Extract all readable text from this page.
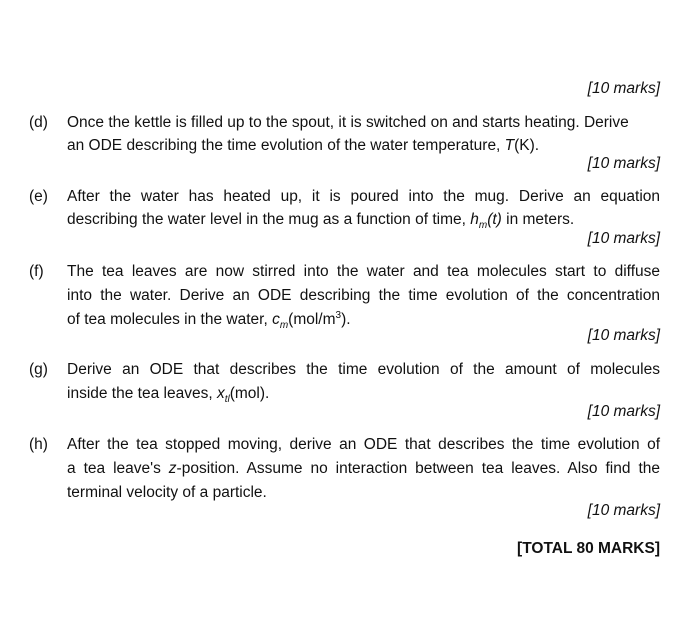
[10 marks]
(d) Once the kettle is filled up to the spout, it is switched on and starts heating. Derive
an ODE describing the time evolution of the water temperature, T(K).
[10 marks]
(e) After the water has heated up, it is poured into the mug. Derive an equation
describing the water level in the mug as a function of time, $h_m(t)$ in meters.
[10 marks]
(f) The tea leaves are now stirred into the water and tea molecules start to diffuse
into the water. Derive an ODE describing the time evolution of the concentration
of tea molecules in the water, $c_m(mol/m^3)$.
[10 marks]
(g) Derive an ODE that describes the time evolution of the amount of molecules
inside the tea leaves, $x_{tl}(mol)$.
[10 marks]
(h) After the tea stopped moving, derive an ODE that describes the time evolution of
a tea leave's z-position. Assume no interaction between tea leaves. Also find the
terminal velocity of a particle.
[10 marks]
[TOTAL 80 MARKS]
